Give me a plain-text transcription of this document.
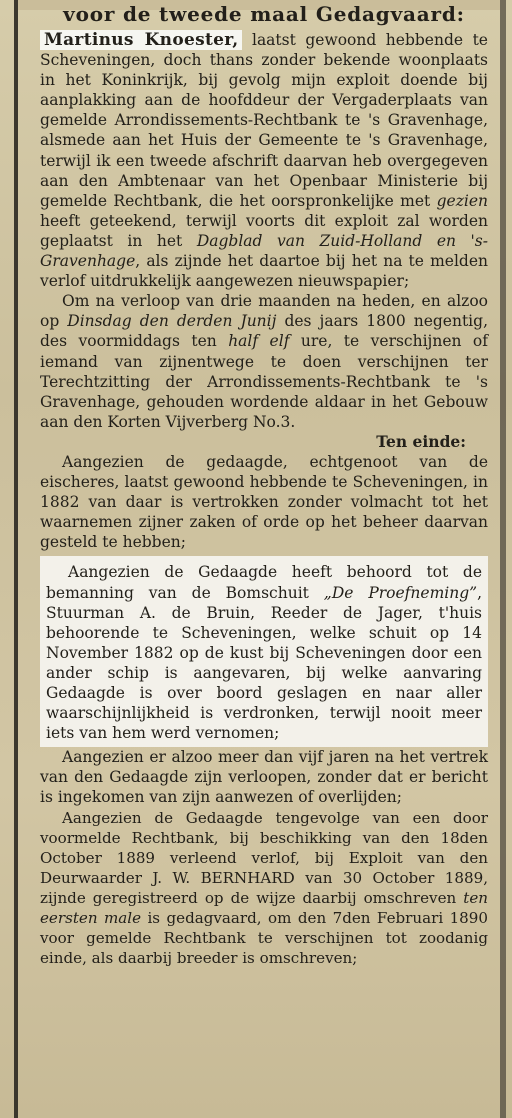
voor de tweede maal Gedagvaard:

Martinus Knoester, laatst gewoond hebbende te Scheveningen, doch thans zonder bekende woonplaats in het Koninkrijk, bij gevolg mijn exploit doende bij aanplakking aan de hoofddeur der Vergaderplaats van gemelde Arrondissements-Rechtbank te 's Gravenhage, alsmede aan het Huis der Gemeente te 's Gravenhage, terwijl ik een tweede afschrift daarvan heb overgegeven aan den Ambtenaar van het Openbaar Ministerie bij gemelde Rechtbank, die het oorspronkelijke met gezien heeft geteekend, terwijl voorts dit exploit zal worden geplaatst in het Dagblad van Zuid-Holland en 's-Gravenhage, als zijnde het daartoe bij het na te melden verlof uitdrukkelijk aangewezen nieuwspapier;

Om na verloop van drie maanden na heden, en alzoo op Dinsdag den derden Junij des jaars 1800 negentig, des voormiddags ten half elf ure, te verschijnen of iemand van zijnentwege te doen verschijnen ter Terechtzitting der Arrondissements-Rechtbank te 's Gravenhage, gehouden wordende aldaar in het Gebouw aan den Korten Vijverberg No.3.

Ten einde:

Aangezien de gedaagde, echtgenoot van de eischeres, laatst gewoond hebbende te Scheveningen, in 1882 van daar is vertrokken zonder volmacht tot het waarnemen zijner zaken of orde op het beheer daarvan gesteld te hebben;

Aangezien de Gedaagde heeft behoord tot de bemanning van de Bomschuit „De Proefneming”, Stuurman A. de Bruin, Reeder de Jager, t'huis behoorende te Scheveningen, welke schuit op 14 November 1882 op de kust bij Scheveningen door een ander schip is aangevaren, bij welke aanvaring Gedaagde is over boord geslagen en naar aller waarschijnlijkheid is verdronken, terwijl nooit meer iets van hem werd vernomen;

Aangezien er alzoo meer dan vijf jaren na het vertrek van den Gedaagde zijn verloopen, zonder dat er bericht is ingekomen van zijn aanwezen of overlijden;

Aangezien de Gedaagde tengevolge van een door voormelde Rechtbank, bij beschikking van den 18den October 1889 verleend verlof, bij Exploit van den Deurwaarder J. W. BERNHARD van 30 October 1889, zijnde geregistreerd op de wijze daarbij omschreven ten eersten male is gedagvaard, om den 7den Februari 1890 voor gemelde Rechtbank te verschijnen tot zoodanig einde, als daarbij breeder is omschreven;
